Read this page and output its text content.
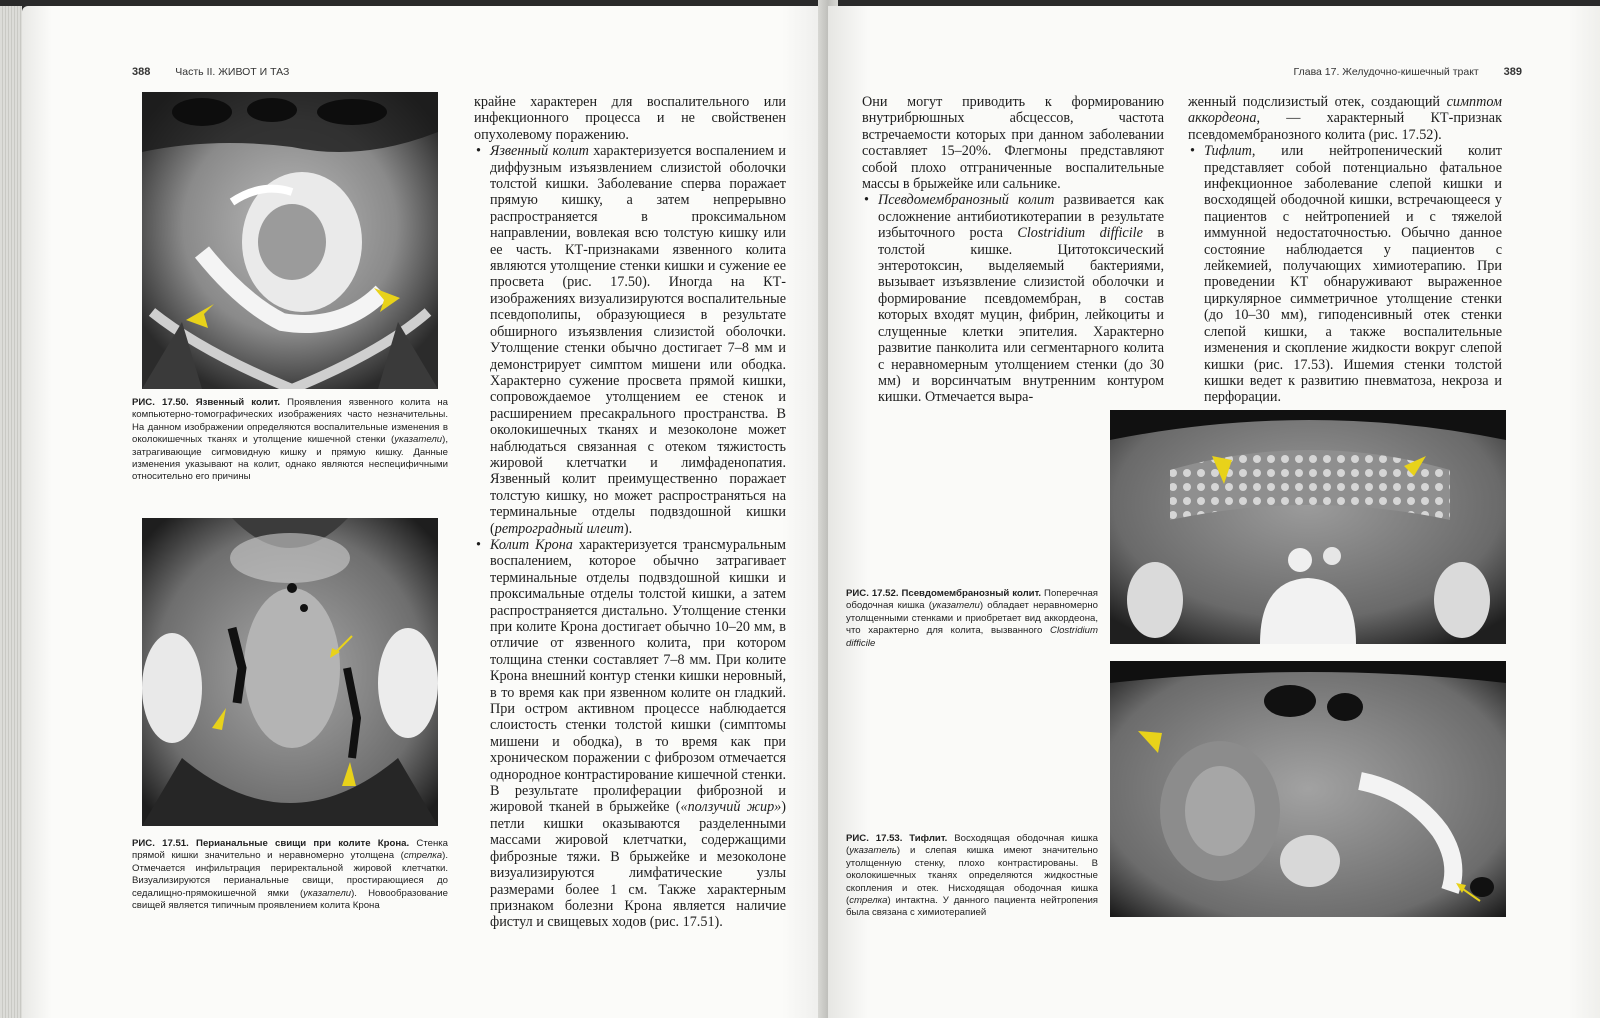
388 Часть II. ЖИВОТ И ТАЗ
РИС. 17.50. Язвенный колит. Проявления язвенного колита на компьютерно-томографических изображениях часто незначительны. На данном изображении определяются воспалительные изменения в околокишечных тканях и утолщение кишечной стенки (указатели), затрагивающие сигмовидную кишку и прямую кишку. Данные изменения указывают на колит, однако являются неспецифичными относительно его причины
РИС. 17.51. Перианальные свищи при колите Крона. Стенка прямой кишки значительно и неравномерно утолщена (стрелка). Отмечается инфильтрация периректальной жировой клетчатки. Визуализируются перианальные свищи, простирающиеся до седалищно-прямокишечной ямки (указатели). Новообразование свищей является типичным проявлением колита Крона

крайне характерен для воспалительного или инфекционного процесса и не свойственен опухолевому поражению.

• Язвенный колит характеризуется воспалением и диффузным изъязвлением слизистой оболочки толстой кишки. Заболевание сперва поражает прямую кишку, а затем непрерывно распространяется в проксимальном направлении, вовлекая всю толстую кишку или ее часть. КТ-признаками язвенного колита являются утолщение стенки кишки и сужение ее просвета (рис. 17.50). Иногда на КТ-изображениях визуализируются воспалительные псевдополипы, образующиеся в результате обширного изъязвления слизистой оболочки. Утолщение стенки обычно достигает 7–8 мм и демонстрирует симптом мишени или ободка. Характерно сужение просвета прямой кишки, сопровождаемое утолщением ее стенок и расширением пресакрального пространства. В околокишечных тканях и мезоколоне может наблюдаться связанная с отеком тяжистость жировой клетчатки и лимфаденопатия. Язвенный колит преимущественно поражает толстую кишку, но может распространяться на терминальные отделы подвздошной кишки (ретроградный илеит).

• Колит Крона характеризуется трансмуральным воспалением, которое обычно затрагивает терминальные отделы подвздошной кишки и проксимальные отделы толстой кишки, а затем распространяется дистально. Утолщение стенки при колите Крона достигает обычно 10–20 мм, в отличие от язвенного колита, при котором толщина стенки составляет 7–8 мм. При колите Крона внешний контур стенки кишки неровный, в то время как при язвенном колите он гладкий. При остром активном процессе наблюдается слоистость стенки толстой кишки (симптомы мишени и ободка), в то время как при хроническом поражении с фиброзом отмечается однородное контрастирование кишечной стенки. В результате пролиферации фиброзной и жировой тканей в брыжейке («ползучий жир») петли кишки оказываются разделенными массами жировой клетчатки, содержащими фиброзные тяжи. В брыжейке и мезоколоне визуализируются лимфатические узлы размерами более 1 см. Также характерным признаком болезни Крона является наличие фистул и свищевых ходов (рис. 17.51).

Глава 17. Желудочно-кишечный тракт 389

Они могут приводить к формированию внутрибрюшных абсцессов, частота встречаемости которых при данном заболевании составляет 15–20%. Флегмоны представляют собой плохо отграниченные воспалительные массы в брыжейке или сальнике.

• Псевдомембранозный колит развивается как осложнение антибиотикотерапии в результате избыточного роста Clostridium difficile в толстой кишке. Цитотоксический энтеротоксин, выделяемый бактериями, вызывает изъязвление слизистой оболочки и формирование псевдомембран, в состав которых входят муцин, фибрин, лейкоциты и слущенные клетки эпителия. Характерно развитие панколита или сегментарного колита с неравномерным утолщением стенки (до 30 мм) и ворсинчатым внутренним контуром кишки. Отмечается выра-

женный подслизистый отек, создающий симптом аккордеона, — характерный КТ-признак псевдомембранозного колита (рис. 17.52).

• Тифлит, или нейтропенический колит представляет собой потенциально фатальное инфекционное заболевание слепой кишки и восходящей ободочной кишки, встречающееся у пациентов с нейтропенией и с тяжелой иммунной недостаточностью. Обычно данное состояние наблюдается у пациентов с лейкемией, получающих химиотерапию. При проведении КТ обнаруживают выраженное циркулярное симметричное утолщение стенки (до 10–30 мм), гиподенсивный отек стенки слепой кишки, а также воспалительные изменения и скопление жидкости вокруг слепой кишки (рис. 17.53). Ишемия стенки толстой кишки ведет к развитию пневматоза, некроза и перфорации.

РИС. 17.52. Псевдомембранозный колит. Поперечная ободочная кишка (указатели) обладает неравномерно утолщенными стенками и приобретает вид аккордеона, что характерно для колита, вызванного Clostridium difficile
РИС. 17.53. Тифлит. Восходящая ободочная кишка (указатель) и слепая кишка имеют значительно утолщенную стенку, плохо контрастированы. В околокишечных тканях определяются жидкостные скопления и отек. Нисходящая ободочная кишка (стрелка) интактна. У данного пациента нейтропения была связана с химиотерапией
